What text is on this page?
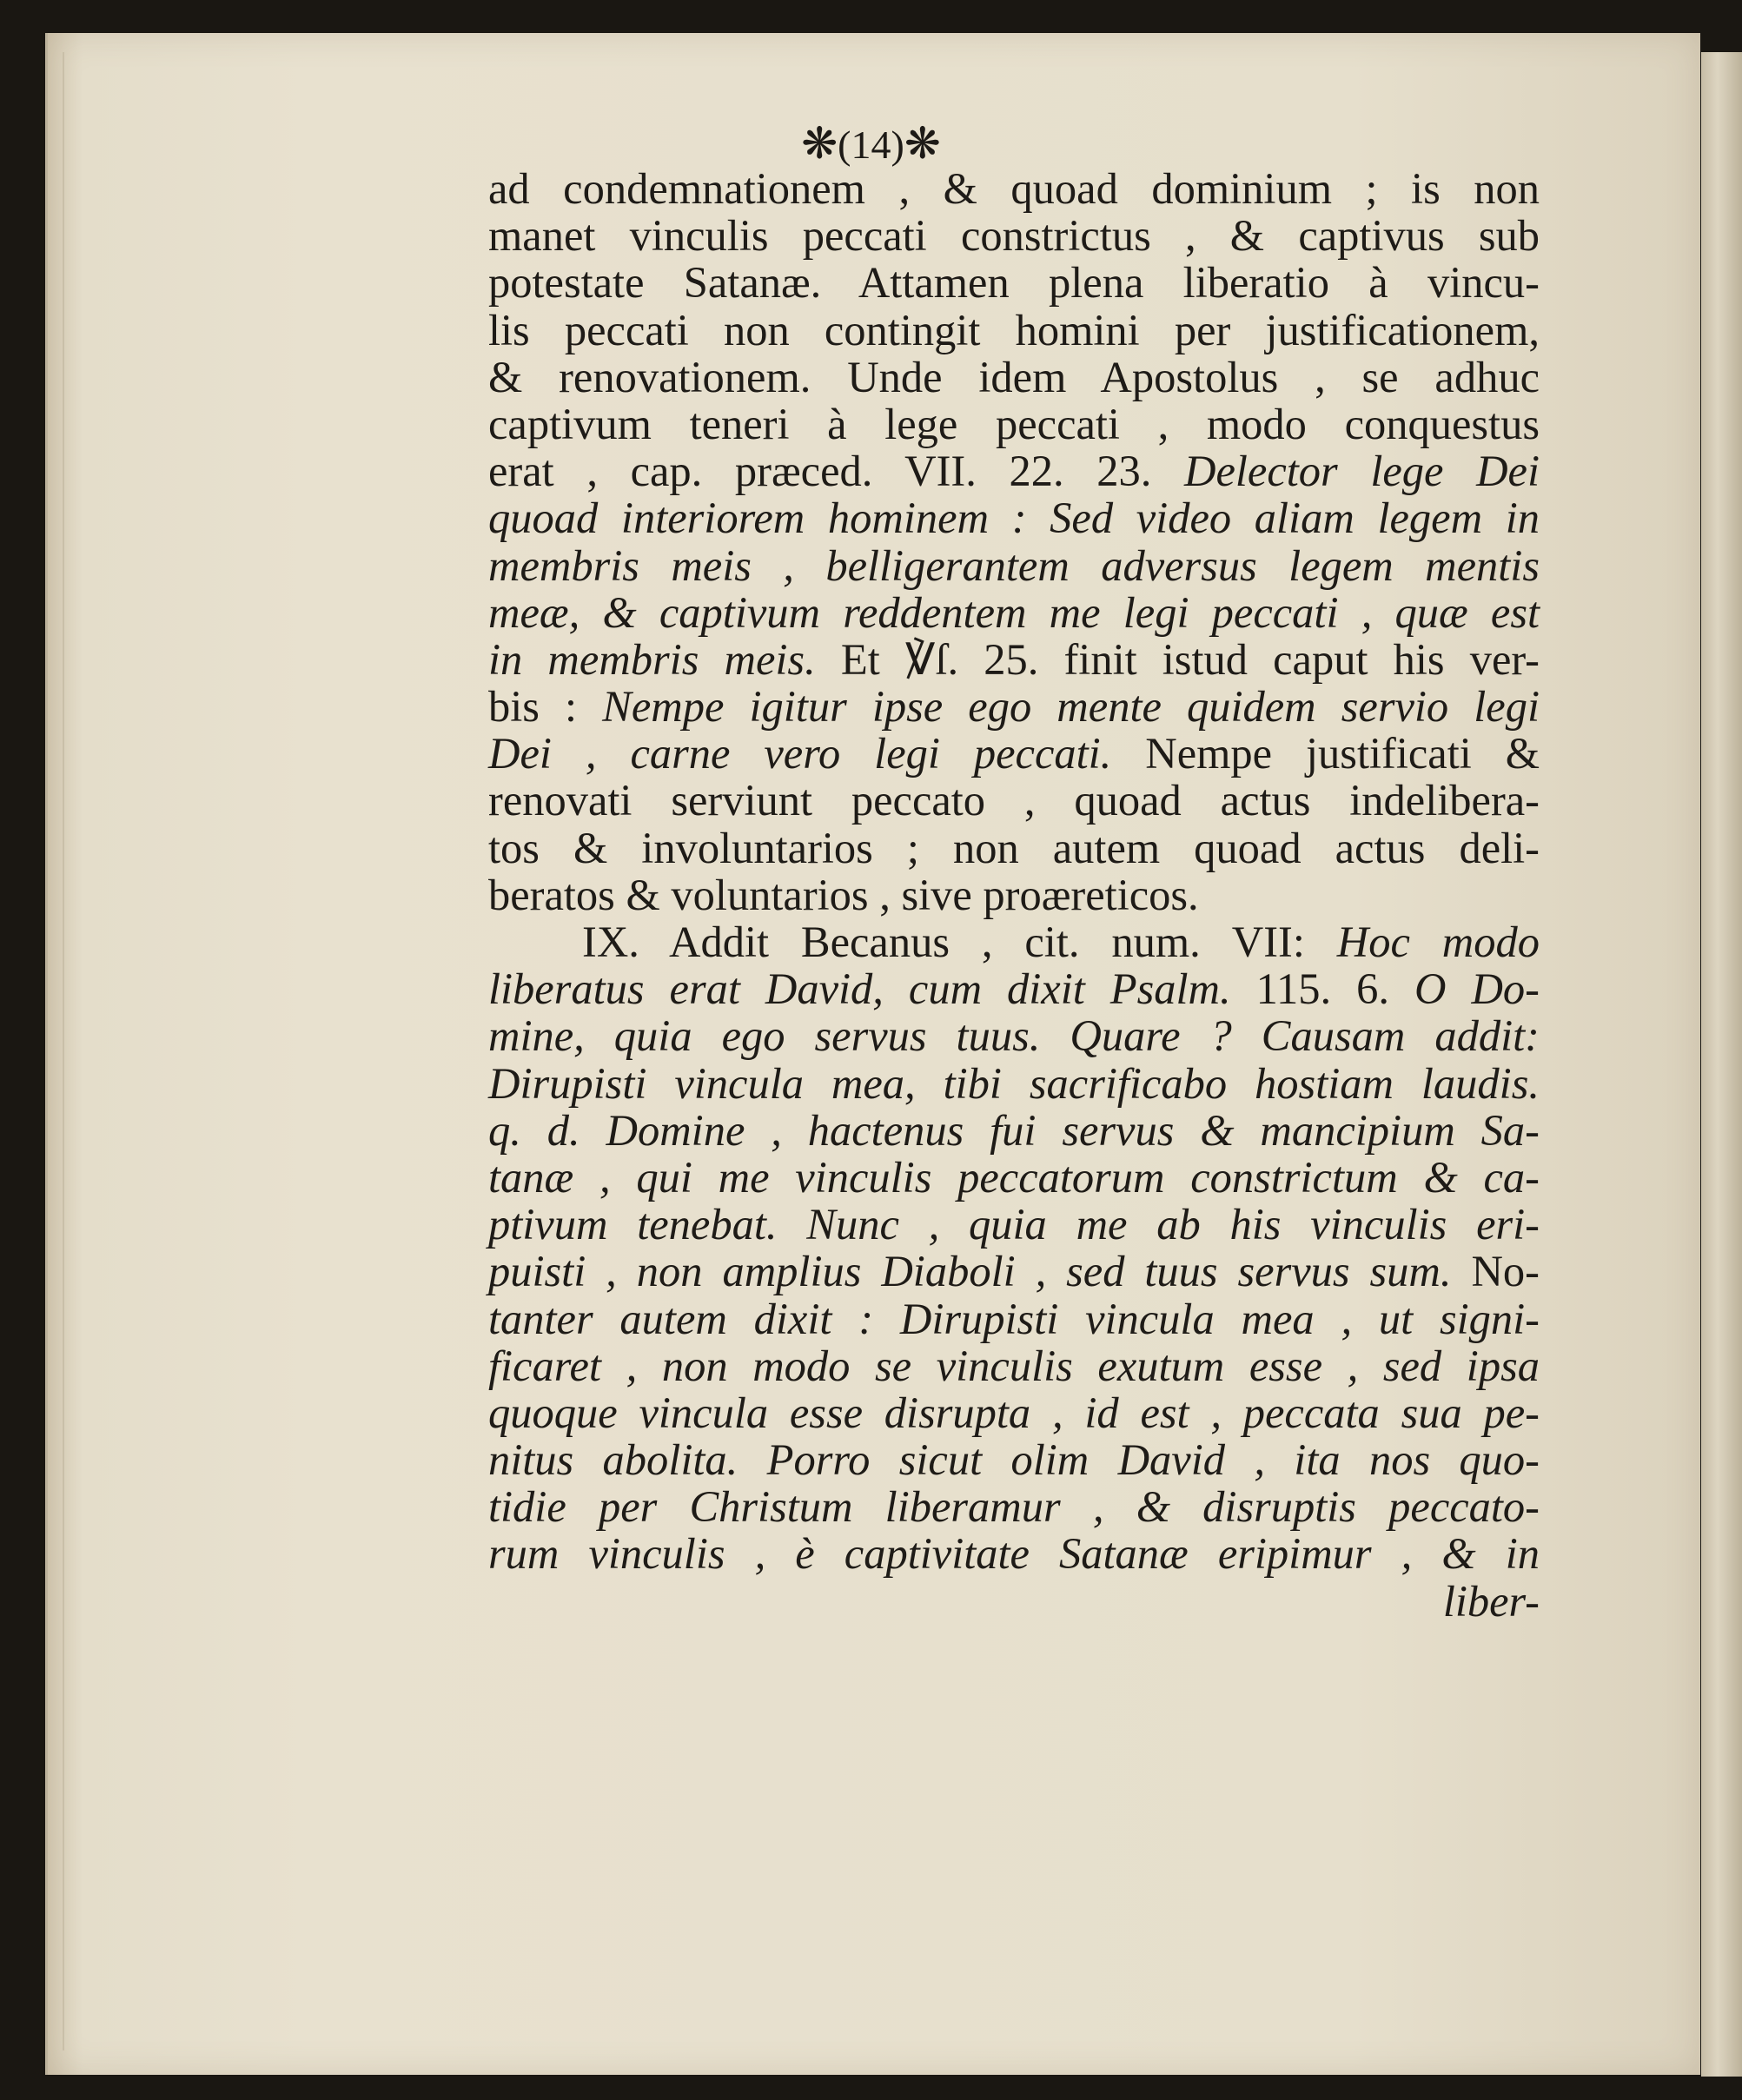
❋(14)❋
ad condemnationem , & quoad dominium ; is non
manet vinculis peccati constrictus , & captivus sub
potestate Satanæ. Attamen plena liberatio à vincu-
lis peccati non contingit homini per justificationem,
& renovationem. Unde idem Apostolus , se adhuc
captivum teneri à lege peccati , modo conquestus
erat , cap. præced. VII. 22. 23. Delector lege Dei
quoad interiorem hominem : Sed video aliam legem in
membris meis , belligerantem adversus legem mentis
meæ, & captivum reddentem me legi peccati , quæ est
in membris meis. Et ℣ſ. 25. finit istud caput his ver-
bis : Nempe igitur ipse ego mente quidem servio legi
Dei , carne vero legi peccati. Nempe justificati &
renovati serviunt peccato , quoad actus indelibera-
tos & involuntarios ; non autem quoad actus deli-
beratos & voluntarios , sive proæreticos.
IX. Addit Becanus , cit. num. VII: Hoc modo
liberatus erat David, cum dixit Psalm. 115. 6. O Do-
mine, quia ego servus tuus. Quare ? Causam addit:
Dirupisti vincula mea, tibi sacrificabo hostiam laudis.
q. d. Domine , hactenus fui servus & mancipium Sa-
tanæ , qui me vinculis peccatorum constrictum & ca-
ptivum tenebat. Nunc , quia me ab his vinculis eri-
puisti , non amplius Diaboli , sed tuus servus sum. No-
tanter autem dixit : Dirupisti vincula mea , ut signi-
ficaret , non modo se vinculis exutum esse , sed ipsa
quoque vincula esse disrupta , id est , peccata sua pe-
nitus abolita. Porro sicut olim David , ita nos quo-
tidie per Christum liberamur , & disruptis peccato-
rum vinculis , è captivitate Satanæ eripimur , & in
liber-
